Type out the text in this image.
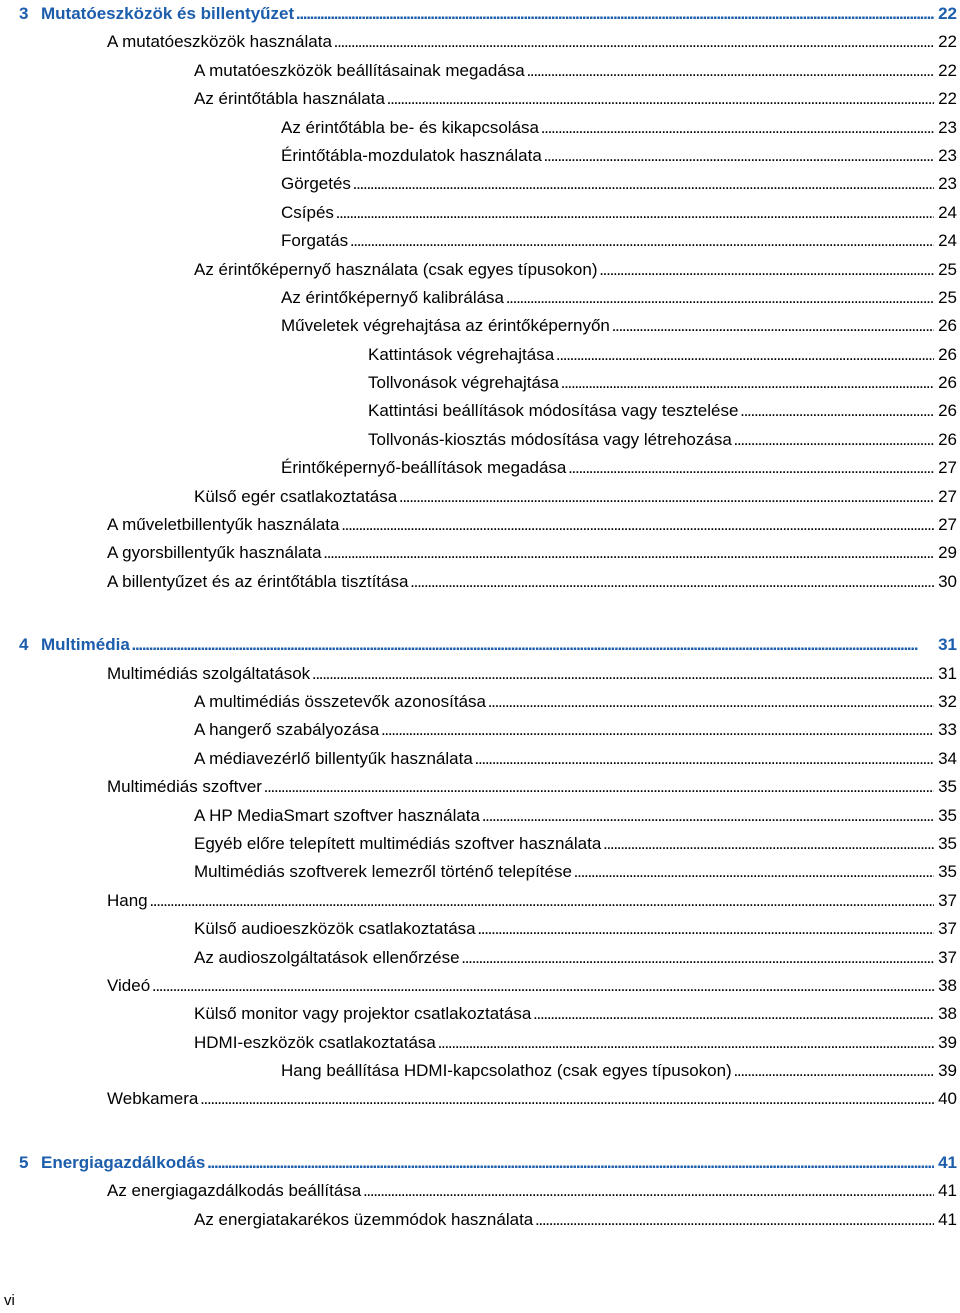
3 Mutatóeszközök és billentyűzet . . .	22
A mutatóeszközök használata . . .	22
A mutatóeszközök beállításainak megadása . . .	22
Az érintőtábla használata . . .	22
Az érintőtábla be- és kikapcsolása . . .	23
Érintőtábla-mozdulatok használata . . .	23
Görgetés . . .	23
Csípés . . .	24
Forgatás . . .	24
Az érintőképernyő használata (csak egyes típusokon) . . .	25
Az érintőképernyő kalibrálása . . .	25
Műveletek végrehajtása az érintőképernyőn . . .	26
Kattintások végrehajtása . . .	26
Tollvonások végrehajtása . . .	26
Kattintási beállítások módosítása vagy tesztelése . . .	26
Tollvonás-kiosztás módosítása vagy létrehozása . . .	26
Érintőképernyő-beállítások megadása . . .	27
Külső egér csatlakoztatása . . .	27
A műveletbillentyűk használata . . .	27
A gyorsbillentyűk használata . . .	29
A billentyűzet és az érintőtábla tisztítása . . .	30
4 Multimédia . . .	31
Multimédiás szolgáltatások . . .	31
A multimédiás összetevők azonosítása . . .	32
A hangerő szabályozása . . .	33
A médiavezérlő billentyűk használata . . .	34
Multimédiás szoftver . . .	35
A HP MediaSmart szoftver használata . . .	35
Egyéb előre telepített multimédiás szoftver használata . . .	35
Multimédiás szoftverek lemezről történő telepítése . . .	35
Hang . . .	37
Külső audioeszközök csatlakoztatása . . .	37
Az audioszolgáltatások ellenőrzése . . .	37
Videó . . .	38
Külső monitor vagy projektor csatlakoztatása . . .	38
HDMI-eszközök csatlakoztatása . . .	39
Hang beállítása HDMI-kapcsolathoz (csak egyes típusokon) . . .	39
Webkamera . . .	40
5 Energiagazdálkodás . . .	41
Az energiagazdálkodás beállítása . . .	41
Az energiatakarékos üzemmódok használata . . .	41
vi
